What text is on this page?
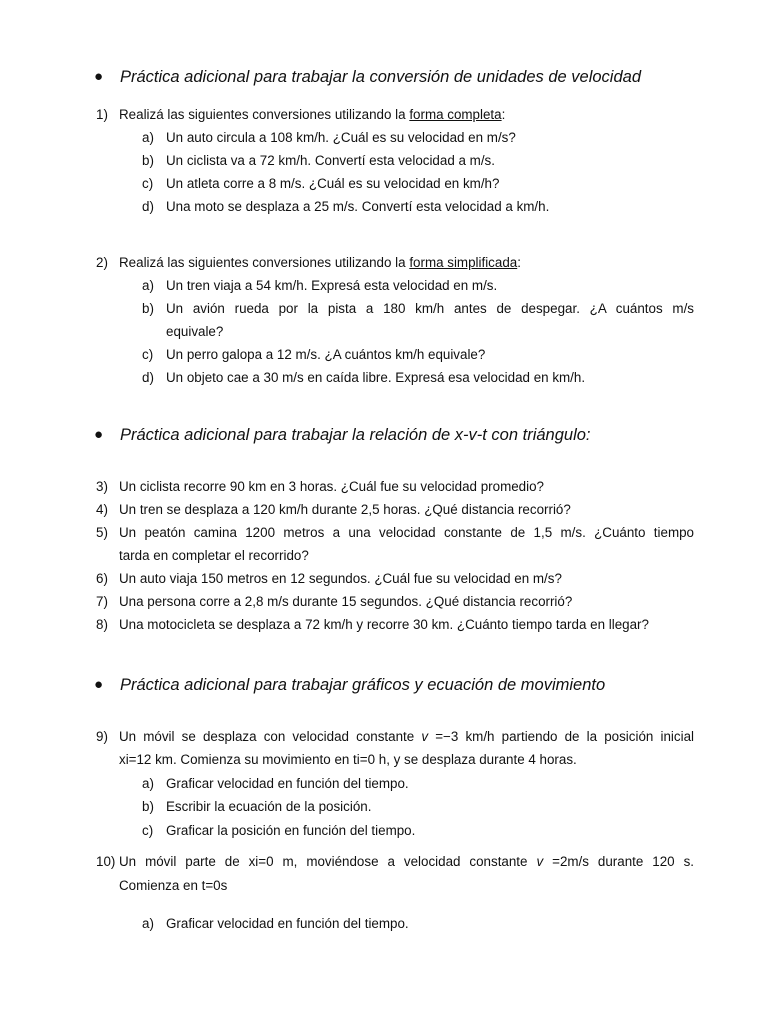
● Práctica adicional para trabajar la conversión de unidades de velocidad
1) Realizá las siguientes conversiones utilizando la forma completa:
a) Un auto circula a 108 km/h. ¿Cuál es su velocidad en m/s?
b) Un ciclista va a 72 km/h. Convertí esta velocidad a m/s.
c) Un atleta corre a 8 m/s. ¿Cuál es su velocidad en km/h?
d) Una moto se desplaza a 25 m/s. Convertí esta velocidad a km/h.
2) Realizá las siguientes conversiones utilizando la forma simplificada:
a) Un tren viaja a 54 km/h. Expresá esta velocidad en m/s.
b) Un avión rueda por la pista a 180 km/h antes de despegar. ¿A cuántos m/s
equivale?
c) Un perro galopa a 12 m/s. ¿A cuántos km/h equivale?
d) Un objeto cae a 30 m/s en caída libre. Expresá esa velocidad en km/h.
● Práctica adicional para trabajar la relación de x-v-t con triángulo:
3) Un ciclista recorre 90 km en 3 horas. ¿Cuál fue su velocidad promedio?
4) Un tren se desplaza a 120 km/h durante 2,5 horas. ¿Qué distancia recorrió?
5) Un peatón camina 1200 metros a una velocidad constante de 1,5 m/s. ¿Cuánto tiempo
tarda en completar el recorrido?
6) Un auto viaja 150 metros en 12 segundos. ¿Cuál fue su velocidad en m/s?
7) Una persona corre a 2,8 m/s durante 15 segundos. ¿Qué distancia recorrió?
8) Una motocicleta se desplaza a 72 km/h y recorre 30 km. ¿Cuánto tiempo tarda en llegar?
● Práctica adicional para trabajar gráficos y ecuación de movimiento
9) Un móvil se desplaza con velocidad constante v =−3 km/h partiendo de la posición inicial
xi=12 km. Comienza su movimiento en ti=0 h, y se desplaza durante 4 horas.
a) Graficar velocidad en función del tiempo.
b) Escribir la ecuación de la posición.
c) Graficar la posición en función del tiempo.
10) Un móvil parte de xi=0 m, moviéndose a velocidad constante v =2m/s durante 120 s.
Comienza en t=0s
a) Graficar velocidad en función del tiempo.
